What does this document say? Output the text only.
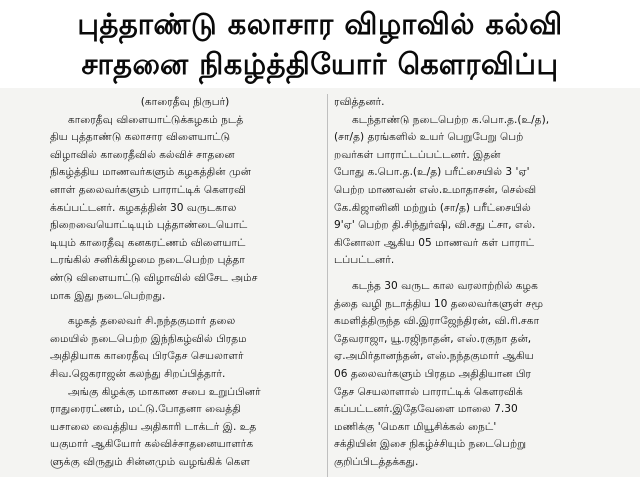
புத்தாண்டு கலாசார விழாவில் கல்வி
சாதனை நிகழ்த்தியோர் கௌரவிப்பு
(காரைதீவு நிருபர்)
காரைதீவு விளையாட்டுக்கழகம் நடத்
திய புத்தாண்டு கலாசார விளையாட்டு
விழாவில் காரைதீவில் கல்விச் சாதனை
நிகழ்த்திய மாணவர்களும் கழகத்தின் முன்
னாள் தலைவர்களும் பாராட்டிக் கௌரவி
க்கப்பட்டனர். கழகத்தின் 30 வருடகால
நிறைவையொட்டியும் புத்தாண்டையொட்
டியும் காரைதீவு கனகரட்ணம் விளையாட்
டரங்கில் சனிக்கிழமை நடைபெற்ற புத்தா
ண்டு விளையாட்டு விழாவில் விசேட அம்ச
மாக இது நடைபெற்றது.
கழகத் தலைவர் சி.நந்தகுமார் தலை
மையில் நடைபெற்ற இந்நிகழ்வில் பிரதம
அதிதியாக காரைதீவு பிரதேச செயலாளர்
சிவ.ஜெகராஜன் கலந்து சிறப்பித்தார்.
அங்கு கிழக்கு மாகாண சபை உறுப்பினர்
ராதுரைரட்ணம், மட்டு.போதனா வைத்தி
யசாலை வைத்திய அதிகாரி டாக்டர் இ. உத
யகுமார் ஆகியோர் கல்விச்சாதனையாளர்க
ளுக்கு விருதும் சின்னமும் வழங்கிக் கௌ
ரவித்தனர்.
கடந்தாண்டு நடைபெற்ற க.பொ.த.(உ/த),
(சா/த) தரங்களில் உயர் பெறுபேறு பெற்
றவர்கள் பாராட்டப்பட்டனர். இதன்
போது க.பொ.த.(உ/த) பரீட்சையில் 3 'ஏ'
பெற்ற மாணவன் எஸ்.உமாதாசன், செல்வி
கே.கிஜானினி மற்றும் (சா/த) பரீட்சையில்
9'ஏ' பெற்ற தி.சிந்துர்ஷி, வி.சது ட்சா, எல்.
கினோலா ஆகிய 05 மாணவர் கள் பாராட்
டப்பட்டனர்.
கடந்த 30 வருட கால வரலாற்றில் கழக
த்தை வழி நடாத்திய 10 தலைவர்களுள் சமூ
கமளித்திருந்த வி.இராஜேந்திரன், வி.ரி.சகா
தேவராஜா, யூ.ரஜிநாதன், எஸ்.ரகுநா தன்,
ஏ.அமிர்தானந்தன், எஸ்.நந்தகுமார் ஆகிய
06 தலைவர்களும் பிரதம அதிதியான பிர
தேச செயலாளால் பாராட்டிக் கௌரவிக்
கப்பட்டனர்.இதேவேளை மாலை 7.30
மணிக்கு 'மெகா மியூசிக்கல் நைட்'
சக்தியின் இசை நிகழ்ச்சியும் நடைபெற்று
குறிப்பிடத்தக்கது.
